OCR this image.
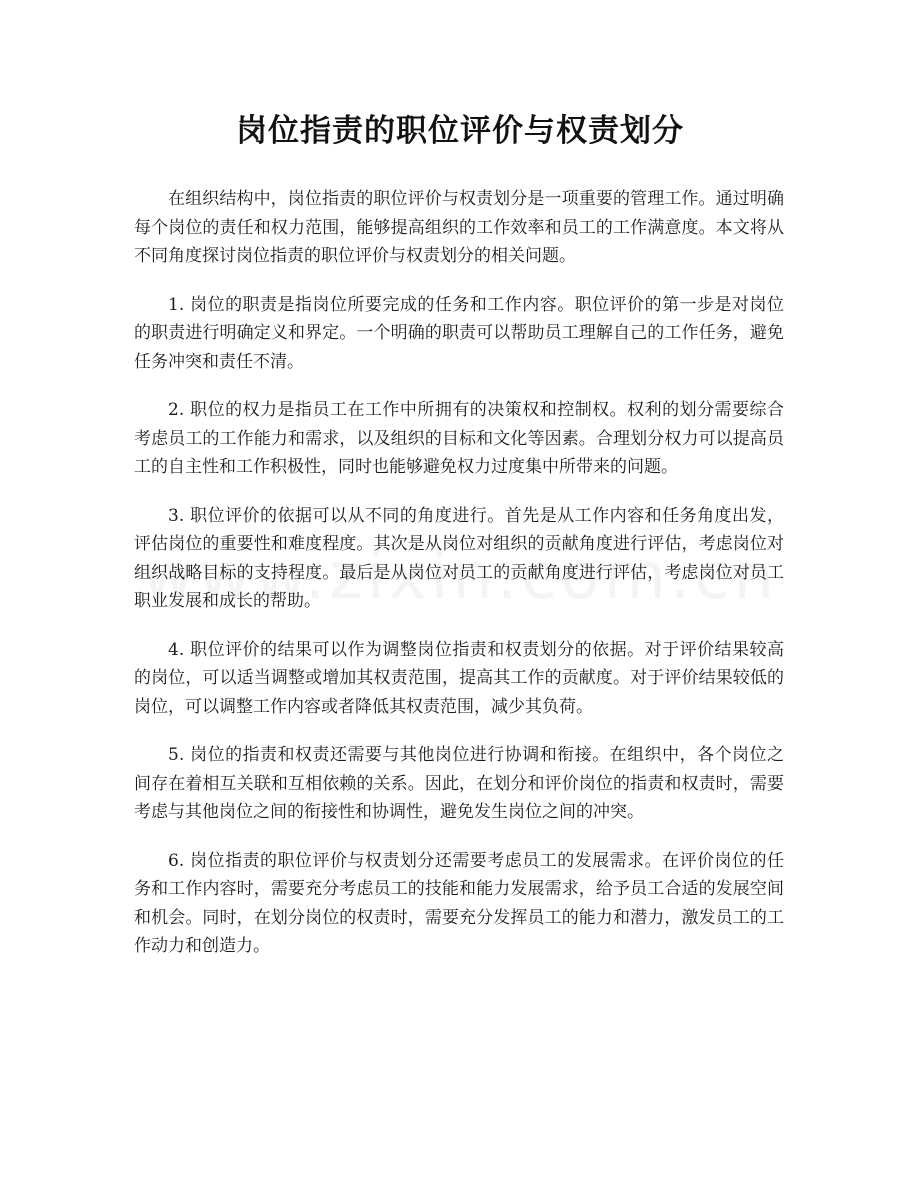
岗位指责的职位评价与权责划分

在组织结构中，岗位指责的职位评价与权责划分是一项重要的管理工作。通过明确每个岗位的责任和权力范围，能够提高组织的工作效率和员工的工作满意度。本文将从不同角度探讨岗位指责的职位评价与权责划分的相关问题。

1. 岗位的职责是指岗位所要完成的任务和工作内容。职位评价的第一步是对岗位的职责进行明确定义和界定。一个明确的职责可以帮助员工理解自己的工作任务，避免任务冲突和责任不清。

2. 职位的权力是指员工在工作中所拥有的决策权和控制权。权利的划分需要综合考虑员工的工作能力和需求，以及组织的目标和文化等因素。合理划分权力可以提高员工的自主性和工作积极性，同时也能够避免权力过度集中所带来的问题。

3. 职位评价的依据可以从不同的角度进行。首先是从工作内容和任务角度出发，评估岗位的重要性和难度程度。其次是从岗位对组织的贡献角度进行评估，考虑岗位对组织战略目标的支持程度。最后是从岗位对员工的贡献角度进行评估，考虑岗位对员工职业发展和成长的帮助。

4. 职位评价的结果可以作为调整岗位指责和权责划分的依据。对于评价结果较高的岗位，可以适当调整或增加其权责范围，提高其工作的贡献度。对于评价结果较低的岗位，可以调整工作内容或者降低其权责范围，减少其负荷。

5. 岗位的指责和权责还需要与其他岗位进行协调和衔接。在组织中，各个岗位之间存在着相互关联和互相依赖的关系。因此，在划分和评价岗位的指责和权责时，需要考虑与其他岗位之间的衔接性和协调性，避免发生岗位之间的冲突。

6. 岗位指责的职位评价与权责划分还需要考虑员工的发展需求。在评价岗位的任务和工作内容时，需要充分考虑员工的技能和能力发展需求，给予员工合适的发展空间和机会。同时，在划分岗位的权责时，需要充分发挥员工的能力和潜力，激发员工的工作动力和创造力。
